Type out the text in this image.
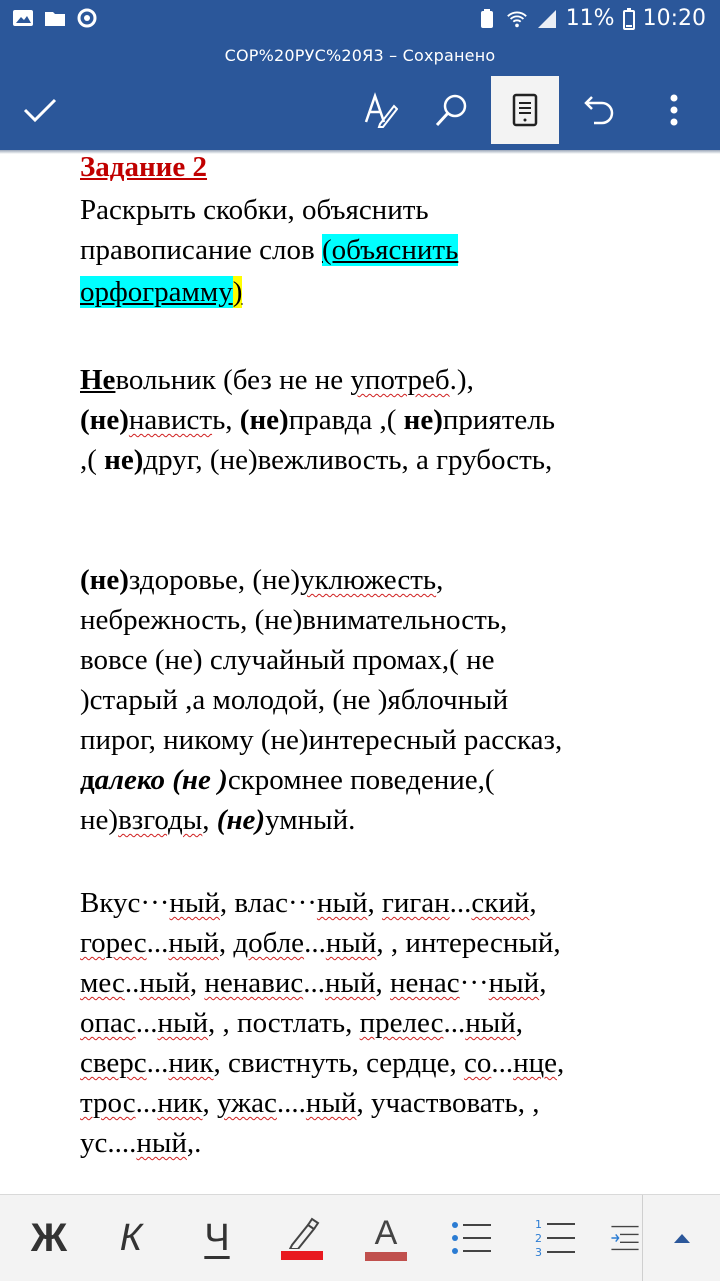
11% 10:20
СОР%20РУС%20Я3 – Сохранено
Задание 2
Раскрыть скобки, объяснить
правописание слов (объяснить
орфограмму)
Невольник (без не не употреб.),
(не)нависть, (не)правда ,( не)приятель
,( не)друг, (не)вежливость, а грубость,
(не)здоровье, (не)уклюжесть,
небрежность, (не)внимательность,
вовсе (не) случайный промах,( не
)старый ,а молодой, (не )яблочный
пирог, никому (не)интересный рассказ,
далеко (не )скромнее поведение,(
не)взгоды, (не)умный.
Вкус···ный, влас···ный, гиган...ский,
горес...ный, добле...ный, , интересный,
мес..ный, ненавис...ный, ненас···ный,
опас...ный, , постлать, прелес...ный,
сверс...ник, свистнуть, сердце, со...нце,
трос...ник, ужас....ный, участвовать, ,
ус....ный,.
Ж К Ч	A	1
2
3
